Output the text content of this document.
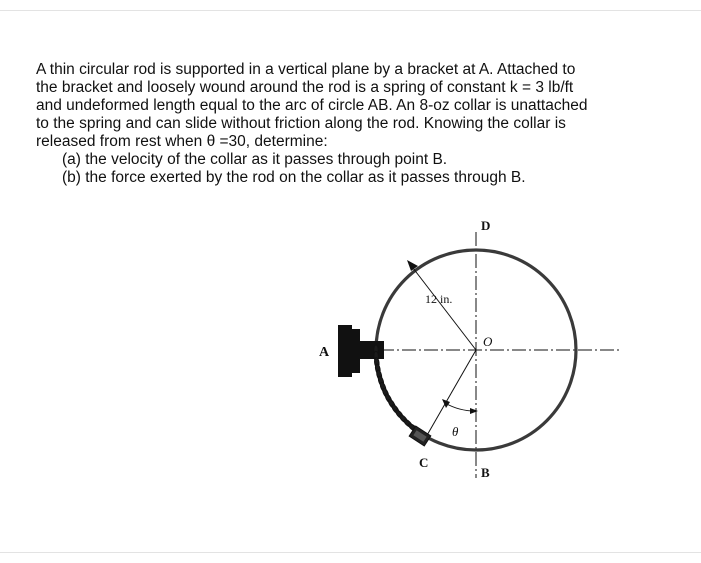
A thin circular rod is supported in a vertical plane by a bracket at A. Attached to

the bracket and loosely wound around the rod is a spring of constant k = 3 lb/ft

and undeformed length equal to the arc of circle AB. An 8-oz collar is unattached

to the spring and can slide without friction along the rod. Knowing the collar is

released from rest when θ =30, determine:

(a) the velocity of the collar as it passes through point B.

(b) the force exerted by the rod on the collar as it passes through B.

A
B
C
D
O
12 in.
θ
